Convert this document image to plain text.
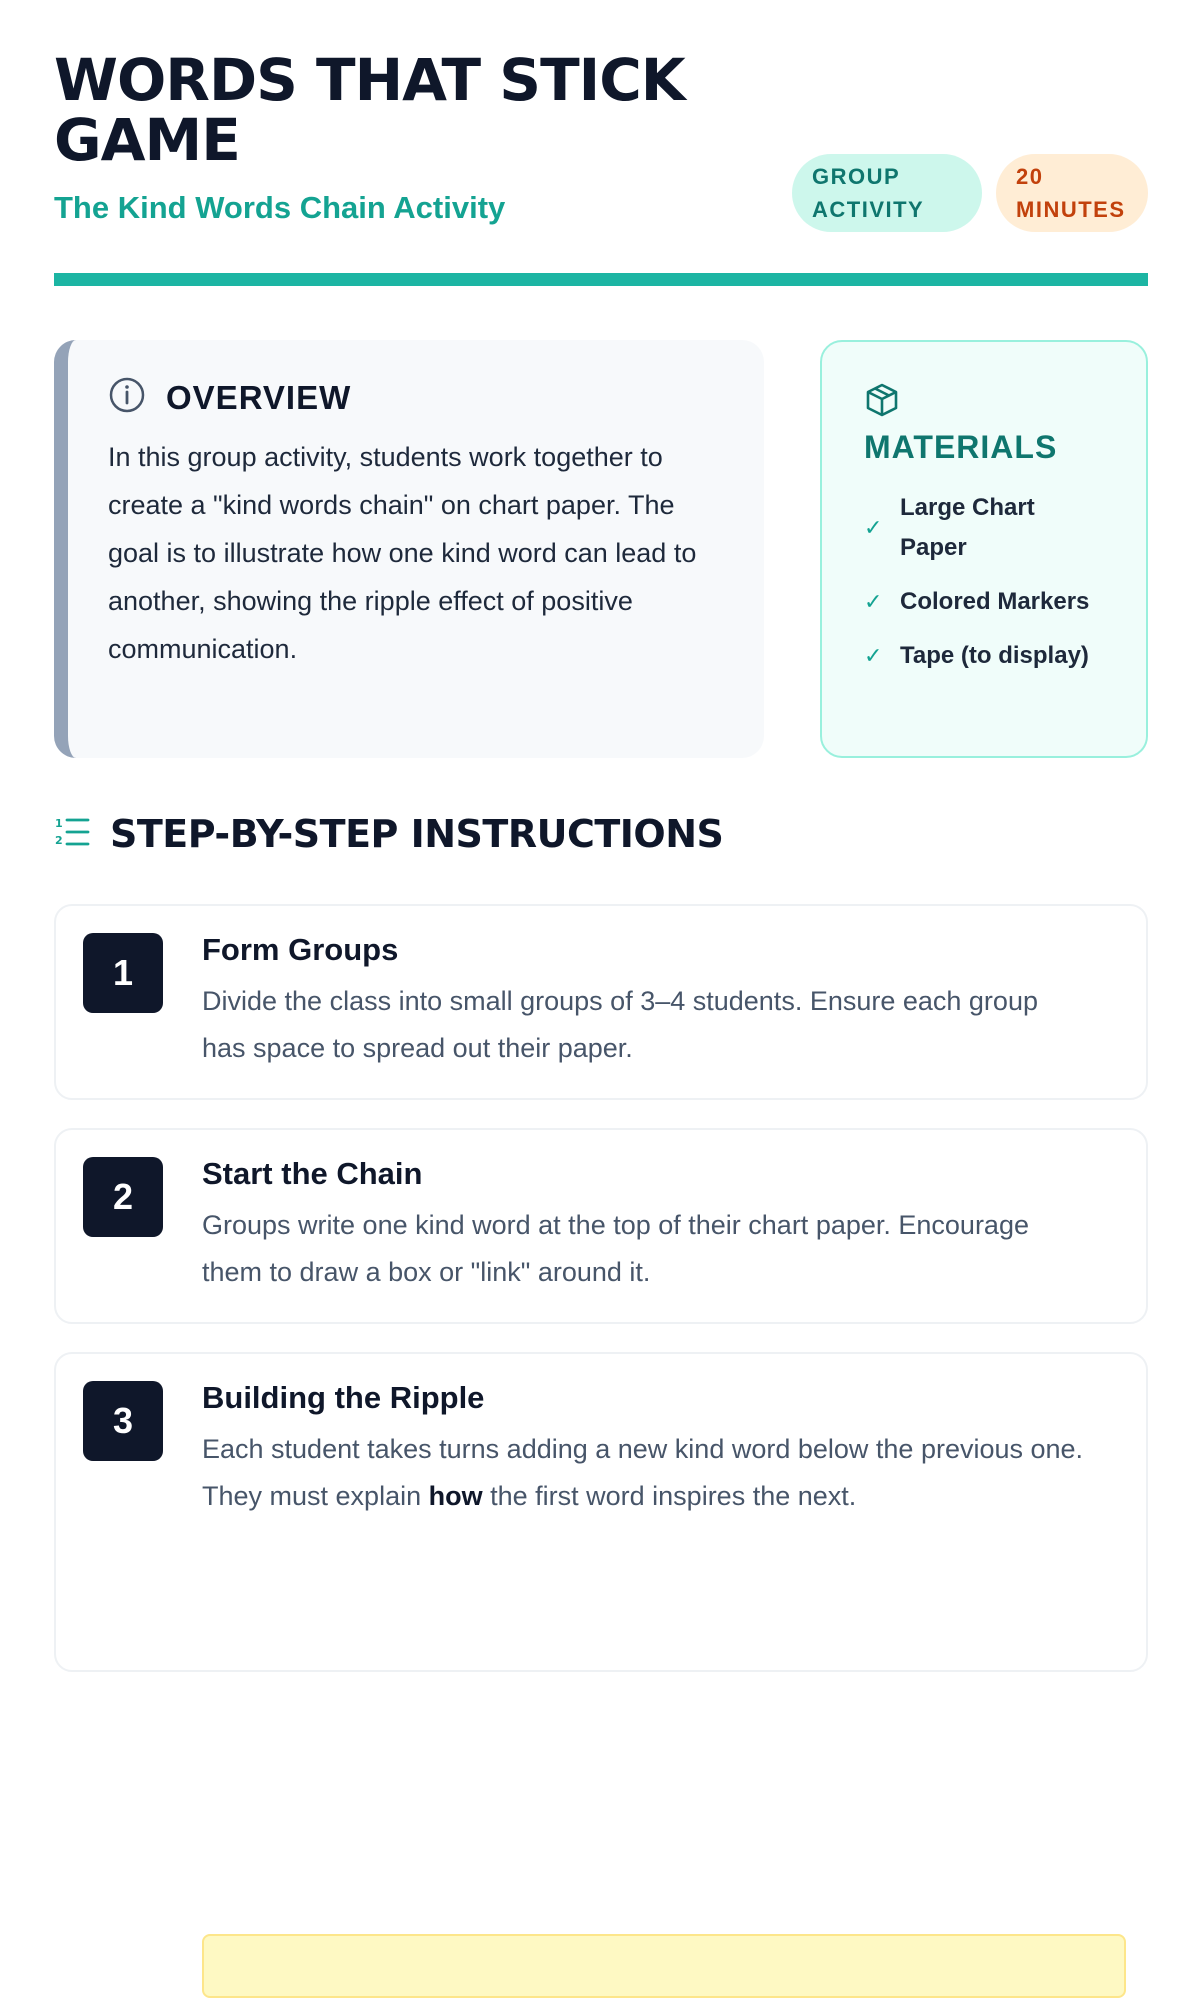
WORDS THAT STICK GAME

The Kind Words Chain Activity

GROUP ACTIVITY
20 MINUTES
OVERVIEW

In this group activity, students work together to create a "kind words chain" on chart paper. The goal is to illustrate how one kind word can lead to another, showing the ripple effect of positive communication.

MATERIALS
✓
Large Chart Paper
✓ Colored Markers
✓ Tape (to display)
1
2 STEP-BY-STEP INSTRUCTIONS
1
Form Groups

Divide the class into small groups of 3–4 students. Ensure each group has space to spread out their paper.

2
Start the Chain

Groups write one kind word at the top of their chart paper. Encourage them to draw a box or "link" around it.

3
Building the Ripple

Each student takes turns adding a new kind word below the previous one. They must explain how the first word inspires the next.
